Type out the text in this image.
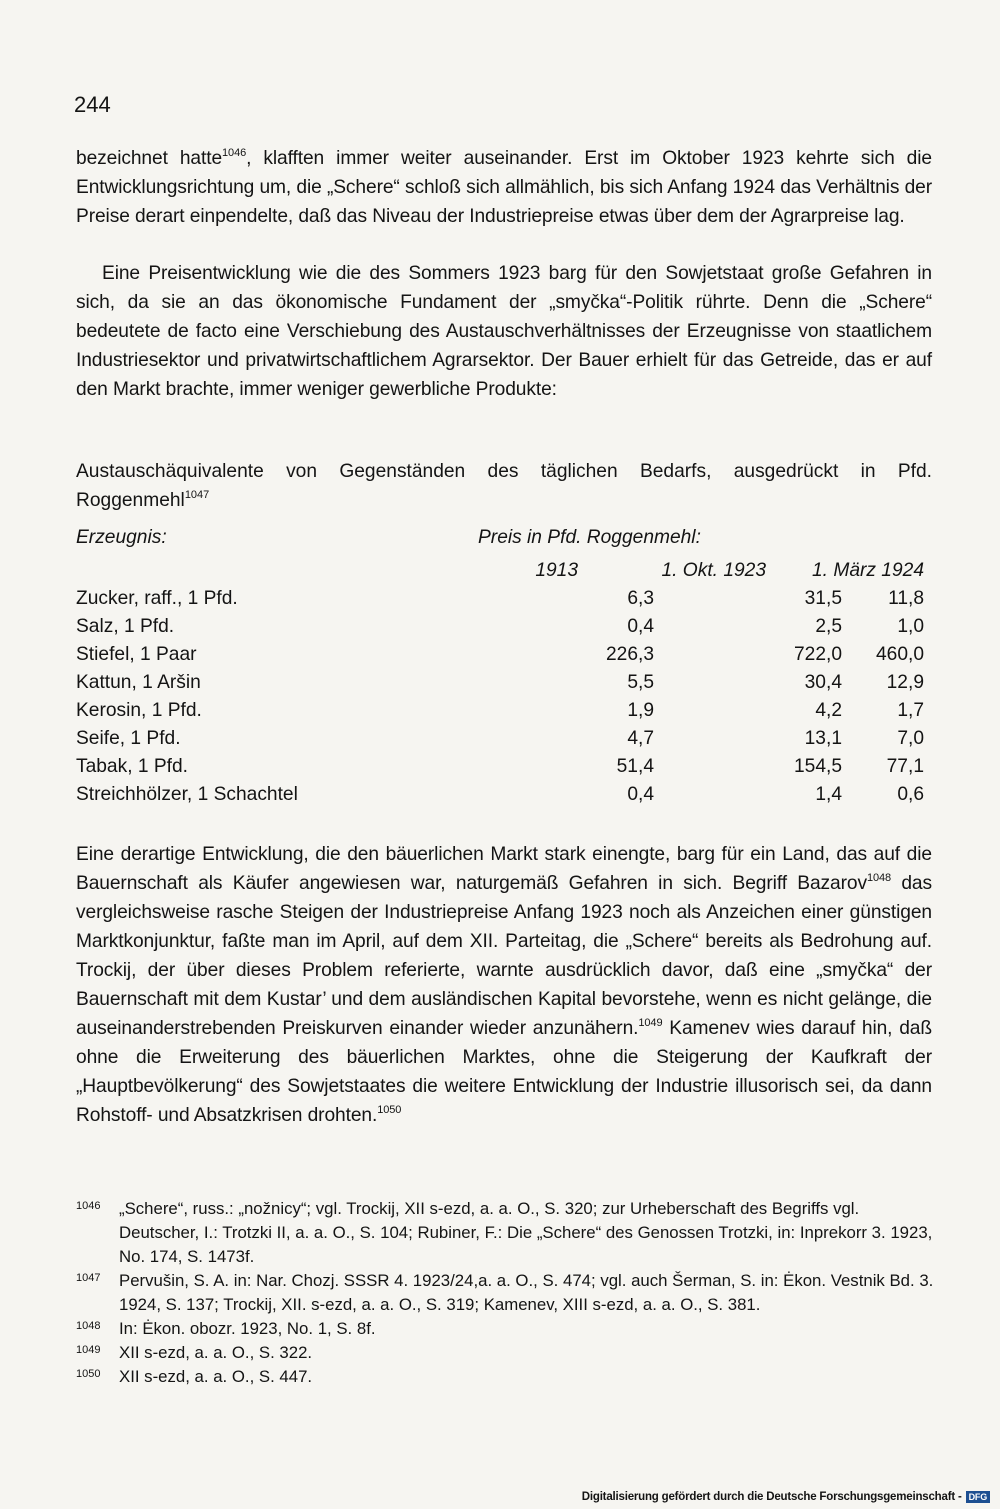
244
bezeichnet hatte$^{1046}$, klafften immer weiter auseinander. Erst im Oktober 1923 kehrte sich die Entwicklungsrichtung um, die „Schere“ schloß sich allmählich, bis sich Anfang 1924 das Verhältnis der Preise derart einpendelte, daß das Niveau der Industriepreise etwas über dem der Agrarpreise lag.
Eine Preisentwicklung wie die des Sommers 1923 barg für den Sowjetstaat große Gefahren in sich, da sie an das ökonomische Fundament der „smyčka“-Politik rührte. Denn die „Schere“ bedeutete de facto eine Verschiebung des Austauschverhältnisses der Erzeugnisse von staatlichem Industriesektor und privatwirtschaftlichem Agrarsektor. Der Bauer erhielt für das Getreide, das er auf den Markt brachte, immer weniger gewerbliche Produkte:
Austauschäquivalente von Gegenständen des täglichen Bedarfs, ausgedrückt in Pfd. Roggenmehl$^{1047}$
Erzeugnis:	Preis in Pfd. Roggenmehl:
1913	1. Okt. 1923	1. März 1924
Zucker, raff., 1 Pfd.	6,3	31,5	11,8
Salz, 1 Pfd.	0,4	2,5	1,0
Stiefel, 1 Paar	226,3	722,0	460,0
Kattun, 1 Aršin	5,5	30,4	12,9
Kerosin, 1 Pfd.	1,9	4,2	1,7
Seife, 1 Pfd.	4,7	13,1	7,0
Tabak, 1 Pfd.	51,4	154,5	77,1
Streichhölzer, 1 Schachtel	0,4	1,4	0,6
Eine derartige Entwicklung, die den bäuerlichen Markt stark einengte, barg für ein Land, das auf die Bauernschaft als Käufer angewiesen war, naturgemäß Gefahren in sich. Begriff Bazarov$^{1048}$ das vergleichsweise rasche Steigen der Industriepreise Anfang 1923 noch als Anzeichen einer günstigen Marktkonjunktur, faßte man im April, auf dem XII. Parteitag, die „Schere“ bereits als Bedrohung auf. Trockij, der über dieses Problem referierte, warnte ausdrücklich davor, daß eine „smyčka“ der Bauernschaft mit dem Kustar’ und dem ausländischen Kapital bevorstehe, wenn es nicht gelänge, die auseinanderstrebenden Preiskurven einander wieder anzunähern.$^{1049}$ Kamenev wies darauf hin, daß ohne die Erweiterung des bäuerlichen Marktes, ohne die Steigerung der Kaufkraft der „Hauptbevölkerung“ des Sowjetstaates die weitere Entwicklung der Industrie illusorisch sei, da dann Rohstoff- und Absatzkrisen drohten.$^{1050}$
1046 „Schere“, russ.: „nožnicy“; vgl. Trockij, XII s-ezd, a. a. O., S. 320; zur Urheberschaft des Begriffs vgl. Deutscher, I.: Trotzki II, a. a. O., S. 104; Rubiner, F.: Die „Schere“ des Genossen Trotzki, in: Inprekorr 3. 1923, No. 174, S. 1473f.
1047 Pervušin, S. A. in: Nar. Chozj. SSSR 4. 1923/24,a. a. O., S. 474; vgl. auch Šerman, S. in: Ėkon. Vestnik Bd. 3. 1924, S. 137; Trockij, XII. s-ezd, a. a. O., S. 319; Kamenev, XIII s-ezd, a. a. O., S. 381.
1048 In: Ėkon. obozr. 1923, No. 1, S. 8f.
1049 XII s-ezd, a. a. O., S. 322.
1050 XII s-ezd, a. a. O., S. 447.
Digitalisierung gefördert durch die Deutsche Forschungsgemeinschaft - DFG
